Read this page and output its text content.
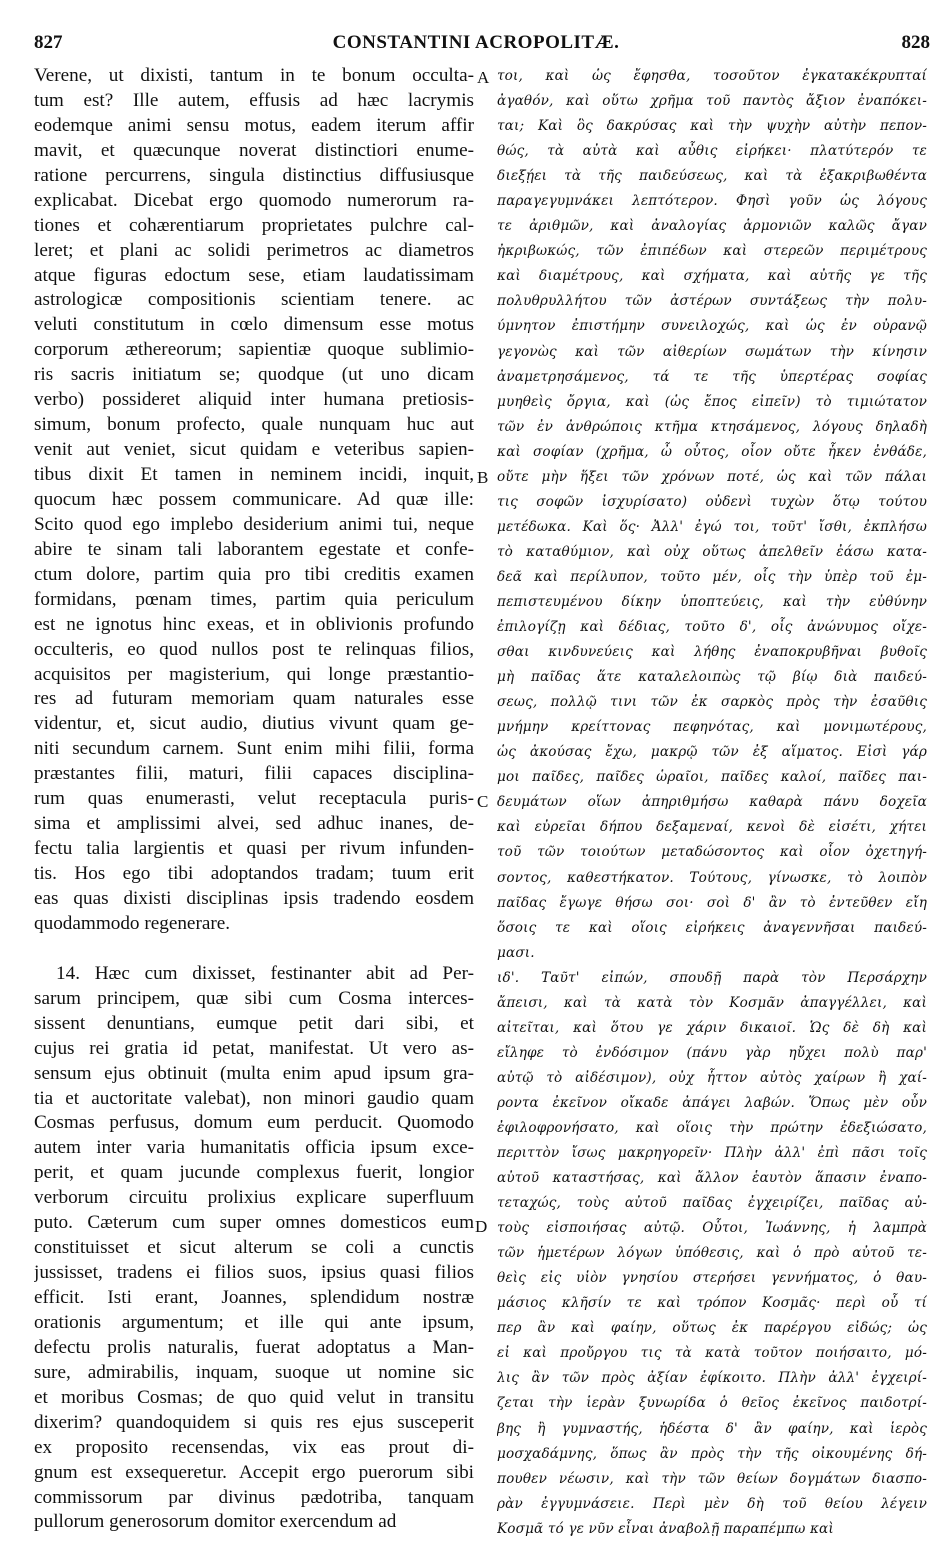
827	CONSTANTINI ACROPOLITÆ.	828
A
B
C
D
Verene, ut dixisti, tantum in te bonum occulta-
tum est? Ille autem, effusis ad hæc lacrymis
eodemque animi sensu motus, eadem iterum affir
mavit, et quæcunque noverat distinctiori enume-
ratione percurrens, singula distinctius diffusiusque
explicabat. Dicebat ergo quomodo numerorum ra-
tiones et cohærentiarum proprietates pulchre cal-
leret; et plani ac solidi perimetros ac diametros
atque figuras edoctum sese, etiam laudatissimam
astrologicæ compositionis scientiam tenere. ac
veluti constitutum in cœlo dimensum esse motus
corporum æthereorum; sapientiæ quoque sublimio-
ris sacris initiatum se; quodque (ut uno dicam
verbo) possideret aliquid inter humana pretiosis-
simum, bonum profecto, quale nunquam huc aut
venit aut veniet, sicut quidam e veteribus sapien-
tibus dixit Et tamen in neminem incidi, inquit,
quocum hæc possem communicare. Ad quæ ille:
Scito quod ego implebo desiderium animi tui, neque
abire te sinam tali laborantem egestate et confe-
ctum dolore, partim quia pro tibi creditis examen
formidans, pœnam times, partim quia periculum
est ne ignotus hinc exeas, et in oblivionis profundo
occulteris, eo quod nullos post te relinquas filios,
acquisitos per magisterium, qui longe præstantio-
res ad futuram memoriam quam naturales esse
videntur, et, sicut audio, diutius vivunt quam ge-
niti secundum carnem. Sunt enim mihi filii, forma
præstantes filii, maturi, filii capaces disciplina-
rum quas enumerasti, velut receptacula puris-
sima et amplissimi alvei, sed adhuc inanes, de-
fectu talia largientis et quasi per rivum infunden-
tis. Hos ego tibi adoptandos tradam; tuum erit
eas quas dixisti disciplinas ipsis tradendo eosdem
quodammodo regenerare.
14. Hæc cum dixisset, festinanter abit ad Per-
sarum principem, quæ sibi cum Cosma interces-
sissent denuntians, eumque petit dari sibi, et
cujus rei gratia id petat, manifestat. Ut vero as-
sensum ejus obtinuit (multa enim apud ipsum gra-
tia et auctoritate valebat), non minori gaudio quam
Cosmas perfusus, domum eum perducit. Quomodo
autem inter varia humanitatis officia ipsum exce-
perit, et quam jucunde complexus fuerit, longior
verborum circuitu prolixius explicare superfluum
puto. Cæterum cum super omnes domesticos eum
constituisset et sicut alterum se coli a cunctis
jussisset, tradens ei filios suos, ipsius quasi filios
efficit. Isti erant, Joannes, splendidum nostræ
orationis argumentum; et ille qui ante ipsum,
defectu prolis naturalis, fuerat adoptatus a Man-
sure, admirabilis, inquam, suoque ut nomine sic
et moribus Cosmas; de quo quid velut in transitu
dixerim? quandoquidem si quis res ejus susceperit
ex proposito recensendas, vix eas prout di-
gnum est exsequeretur. Accepit ergo puerorum sibi
commissorum par divinus pædotriba, tanquam
pullorum generosorum domitor exercendum ad
τοι, καὶ ὡς ἔφησθα, τοσοῦτον ἐγκατακέκρυπταί
ἀγαθόν, καὶ οὕτω χρῆμα τοῦ παντὸς ἄξιον ἐναπόκει-
ται; Καὶ ὃς δακρύσας καὶ τὴν ψυχὴν αὐτὴν πεπον-
θώς, τὰ αὐτὰ καὶ αὖθις εἰρήκει· πλατύτερόν τε
διεξῄει τὰ τῆς παιδεύσεως, καὶ τὰ ἐξακριβωθέντα
παραγεγυμνάκει λεπτότερον. Φησὶ γοῦν ὡς λόγους
τε ἀριθμῶν, καὶ ἀναλογίας ἁρμονιῶν καλῶς ἄγαν
ἠκριβωκώς, τῶν ἐπιπέδων καὶ στερεῶν περιμέτρους
καὶ διαμέτρους, καὶ σχήματα, καὶ αὐτῆς γε τῆς
πολυθρυλλήτου τῶν ἀστέρων συντάξεως τὴν πολυ-
ύμνητον ἐπιστήμην συνειλοχώς, καὶ ὡς ἐν οὐρανῷ
γεγονὼς καὶ τῶν αἰθερίων σωμάτων τὴν κίνησιν
ἀναμετρησάμενος, τά τε τῆς ὑπερτέρας σοφίας
μυηθεὶς ὄργια, καὶ (ὡς ἔπος εἰπεῖν) τὸ τιμιώτατον
τῶν ἐν ἀνθρώποις κτῆμα κτησάμενος, λόγους δηλαδὴ
καὶ σοφίαν (χρῆμα, ὦ οὗτος, οἷον οὔτε ἧκεν ἐνθάδε,
οὔτε μὴν ἥξει τῶν χρόνων ποτέ, ὡς καὶ τῶν πάλαι
τις σοφῶν ἰσχυρίσατο) οὐδενὶ τυχὼν ὅτῳ τούτου
μετέδωκα. Καὶ ὅς· Ἀλλ' ἐγώ τοι, τοῦτ' ἴσθι, ἐκπλήσω
τὸ καταθύμιον, καὶ οὐχ οὕτως ἀπελθεῖν ἐάσω κατα-
δεᾶ καὶ περίλυπον, τοῦτο μέν, οἷς τὴν ὑπὲρ τοῦ ἐμ-
πεπιστευμένου δίκην ὑποπτεύεις, καὶ τὴν εὐθύνην
ἐπιλογίζῃ καὶ δέδιας, τοῦτο δ', οἷς ἀνώνυμος οἴχε-
σθαι κινδυνεύεις καὶ λήθης ἐναποκρυβῆναι βυθοῖς
μὴ παῖδας ἅτε καταλελοιπὼς τῷ βίῳ διὰ παιδεύ-
σεως, πολλῷ τινι τῶν ἐκ σαρκὸς πρὸς τὴν ἐσαῦθις
μνήμην κρείττονας πεφηνότας, καὶ μονιμωτέρους,
ὡς ἀκούσας ἔχω, μακρῷ τῶν ἐξ αἵματος. Εἰσὶ γάρ
μοι παῖδες, παῖδες ὡραῖοι, παῖδες καλοί, παῖδες παι-
δευμάτων οἵων ἀπηριθμήσω καθαρὰ πάνυ δοχεῖα
καὶ εὐρεῖαι δήπου δεξαμεναί, κενοὶ δὲ εἰσέτι, χήτει
τοῦ τῶν τοιούτων μεταδώσοντος καὶ οἷον ὀχετηγή-
σοντος, καθεστήκατον. Τούτους, γίνωσκε, τὸ λοιπὸν
παῖδας ἔγωγε θήσω σοι· σοὶ δ' ἂν τὸ ἐντεῦθεν εἴη
ὅσοις τε καὶ οἵοις εἰρήκεις ἀναγεννῆσαι παιδεύ-
μασι.
ιδ'. Ταῦτ' εἰπών, σπουδῇ παρὰ τὸν Περσάρχην
ἄπεισι, καὶ τὰ κατὰ τὸν Κοσμᾶν ἀπαγγέλλει, καὶ
αἰτεῖται, καὶ ὅτου γε χάριν δικαιοῖ. Ὡς δὲ δὴ καὶ
εἴληφε τὸ ἐνδόσιμον (πάνυ γὰρ ηὔχει πολὺ παρ'
αὐτῷ τὸ αἰδέσιμον), οὐχ ἧττον αὐτὸς χαίρων ἢ χαί-
ροντα ἐκεῖνον οἴκαδε ἀπάγει λαβών. Ὅπως μὲν οὖν
ἐφιλοφρονήσατο, καὶ οἵοις τὴν πρώτην ἐδεξιώσατο,
περιττὸν ἴσως μακρηγορεῖν· Πλὴν ἀλλ' ἐπὶ πᾶσι τοῖς
αὐτοῦ καταστήσας, καὶ ἄλλον ἑαυτὸν ἅπασιν ἐναπο-
τεταχώς, τοὺς αὐτοῦ παῖδας ἐγχειρίζει, παῖδας αὐ-
τοὺς εἰσποιήσας αὐτῷ. Οὗτοι, Ἰωάννης, ἡ λαμπρὰ
τῶν ἡμετέρων λόγων ὑπόθεσις, καὶ ὁ πρὸ αὐτοῦ τε-
θεὶς εἰς υἱὸν γνησίου στερήσει γεννήματος, ὁ θαυ-
μάσιος κλῆσίν τε καὶ τρόπον Κοσμᾶς· περὶ οὗ τί
περ ἂν καὶ φαίην, οὕτως ἐκ παρέργου εἰδώς; ὡς
εἰ καὶ προὔργου τις τὰ κατὰ τοῦτον ποιήσαιτο, μό-
λις ἂν τῶν πρὸς ἀξίαν ἐφίκοιτο. Πλὴν ἀλλ' ἐγχειρί-
ζεται τὴν ἱερὰν ξυνωρίδα ὁ θεῖος ἐκεῖνος παιδοτρί-
βης ἢ γυμναστής, ἡδέστα δ' ἂν φαίην, καὶ ἱερὸς
μοσχαδάμνης, ὅπως ἂν πρὸς τὴν τῆς οἰκουμένης δή-
πουθεν νέωσιν, καὶ τὴν τῶν θείων δογμάτων διασπο-
ρὰν ἐγγυμνάσειε. Περὶ μὲν δὴ τοῦ θείου λέγειν
Κοσμᾶ τό γε νῦν εἶναι ἀναβολῇ παραπέμπω καὶ
